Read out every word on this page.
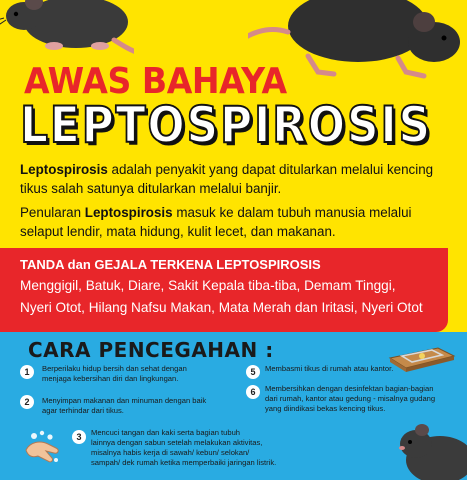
AWAS BAHAYA
LEPTOSPIROSIS

Leptospirosis adalah penyakit yang dapat ditularkan melalui kencing tikus salah satunya ditularkan melalui banjir.

Penularan Leptospirosis masuk ke dalam tubuh manusia melalui selaput lendir, mata hidung, kulit lecet, dan makanan.

TANDA dan GEJALA TERKENA LEPTOSPIROSIS
Menggigil, Batuk, Diare, Sakit Kepala tiba-tiba, Demam Tinggi,
Nyeri Otot, Hilang Nafsu Makan, Mata Merah dan Iritasi, Nyeri Otot
CARA PENCEGAHAN :
1	Berperilaku hidup bersih dan sehat dengan
menjaga kebersihan diri dan lingkungan.
2	Menyimpan makanan dan minuman dengan baik
agar terhindar dari tikus.
3	Mencuci tangan dan kaki serta bagian tubuh
lainnya dengan sabun setelah melakukan aktivitas,
misalnya habis kerja di sawah/ kebun/ selokan/
sampah/ dek rumah ketika memperbaiki jaringan listrik.
5	Membasmi tikus di rumah atau kantor.
6	Membersihkan dengan desinfektan bagian-bagian
dari rumah, kantor atau gedung - misalnya gudang
yang diindikasi bekas kencing tikus.
